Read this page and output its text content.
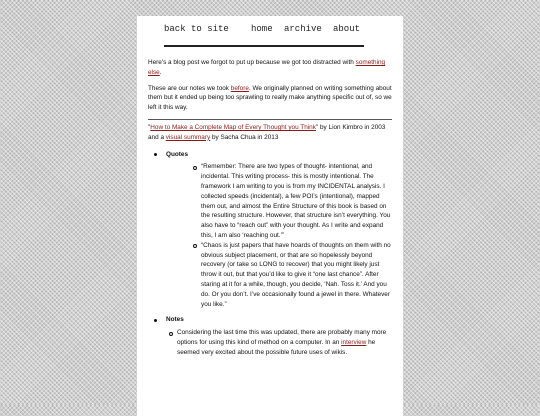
back to site home archive about

Here's a blog post we forgot to put up because we got too distracted with something else.

These are our notes we took before. We originally planned on writing something about them but it ended up being too sprawling to really make anything specific out of, so we left it this way.

"How to Make a Complete Map of Every Thought you Think" by Lion Kimbro in 2003 and a visual summary by Sacha Chua in 2013

Quotes
“Remember: There are two types of thought- intentional, and incidental. This writing process- this is mostly intentional. The framework I am writing to you is from my INCIDENTAL analysis. I collected speeds (incidental), a few POI’s (intentional), mapped them out, and almost the Entire Structure of this book is based on the resulting structure. However, that structure isn’t everything. You also have to “reach out” with your thought. As I write and expand this, I am also ‘reaching out.’”
“Chaos is just papers that have hoards of thoughts on them with no obvious subject placement, or that are so hopelessly beyond recovery (or take so LONG to recover) that you might likely just throw it out, but that you’d like to give it “one last chance”. After staring at it for a while, though, you decide, ‘Nah. Toss it.’ And you do. Or you don’t. I’ve occasionally found a jewel in there. Whatever you like.”
Notes
Considering the last time this was updated, there are probably many more options for using this kind of method on a computer. In an interview he seemed very excited about the possible future uses of wikis.
